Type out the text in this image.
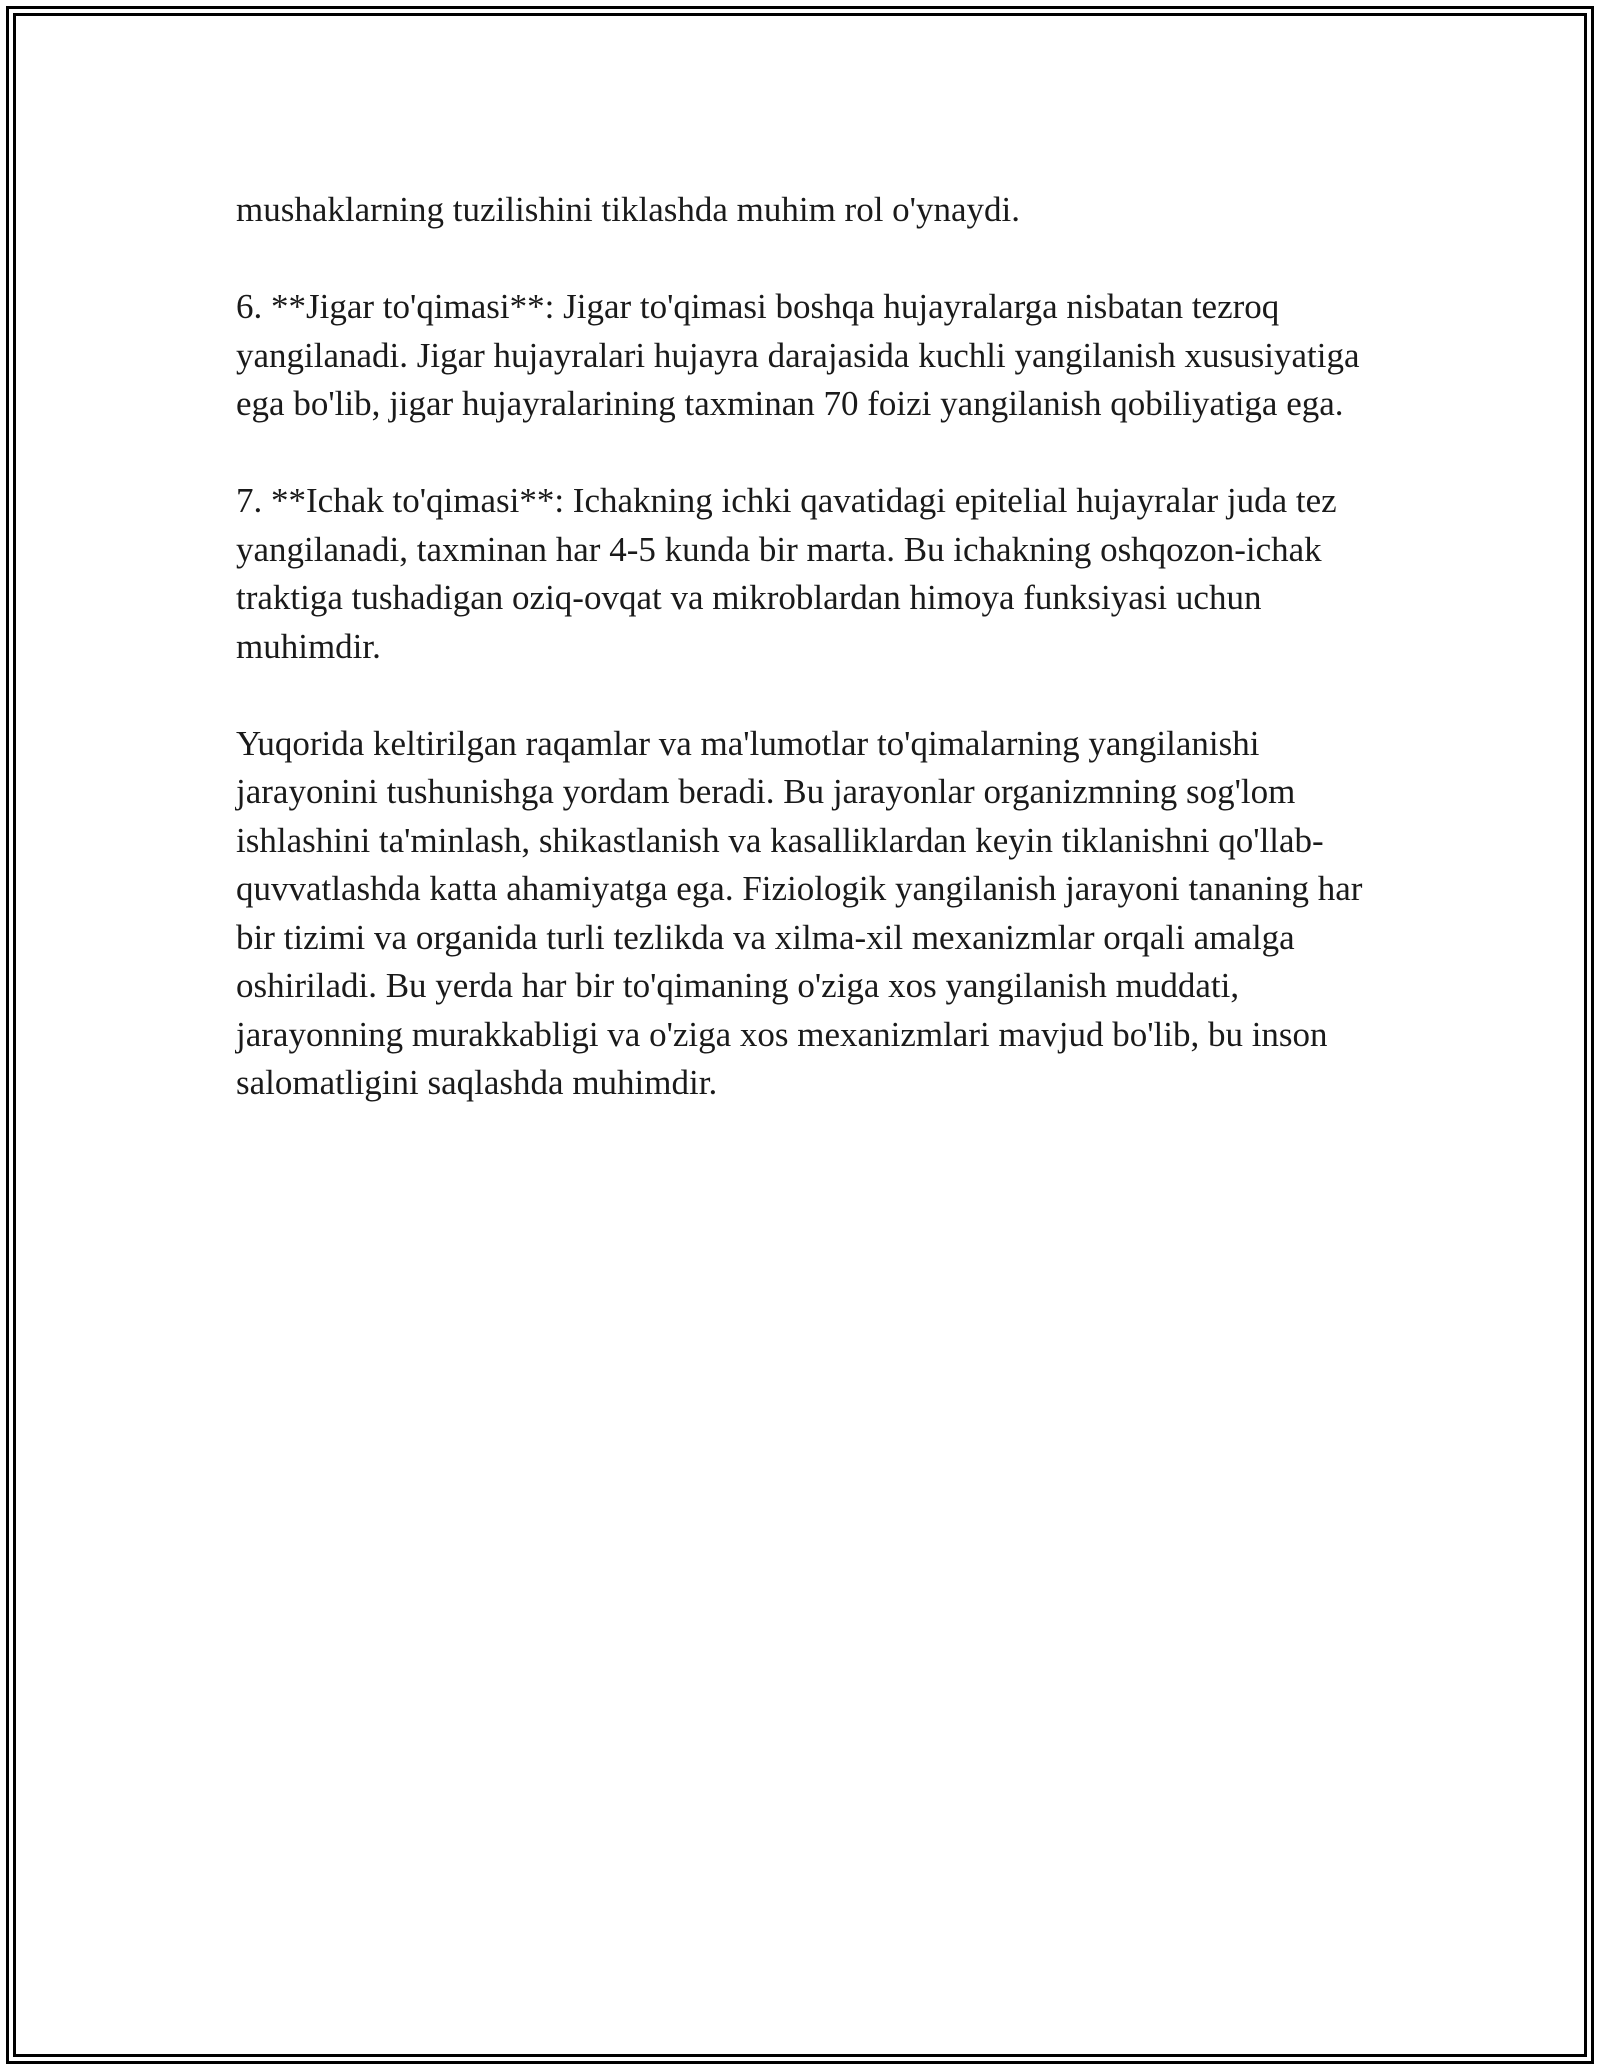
mushaklarning tuzilishini tiklashda muhim rol o'ynaydi.

6. **Jigar to'qimasi**: Jigar to'qimasi boshqa hujayralarga nisbatan tezroq yangilanadi. Jigar hujayralari hujayra darajasida kuchli yangilanish xususiyatiga ega bo'lib, jigar hujayralarining taxminan 70 foizi yangilanish qobiliyatiga ega.

7. **Ichak to'qimasi**: Ichakning ichki qavatidagi epitelial hujayralar juda tez yangilanadi, taxminan har 4-5 kunda bir marta. Bu ichakning oshqozon-ichak traktiga tushadigan oziq-ovqat va mikroblardan himoya funksiyasi uchun muhimdir.

Yuqorida keltirilgan raqamlar va ma'lumotlar to'qimalarning yangilanishi jarayonini tushunishga yordam beradi. Bu jarayonlar organizmning sog'lom ishlashini ta'minlash, shikastlanish va kasalliklardan keyin tiklanishni qo'llab-quvvatlashda katta ahamiyatga ega. Fiziologik yangilanish jarayoni tananing har bir tizimi va organida turli tezlikda va xilma-xil mexanizmlar orqali amalga oshiriladi. Bu yerda har bir to'qimaning o'ziga xos yangilanish muddati, jarayonning murakkabligi va o'ziga xos mexanizmlari mavjud bo'lib, bu inson salomatligini saqlashda muhimdir.
